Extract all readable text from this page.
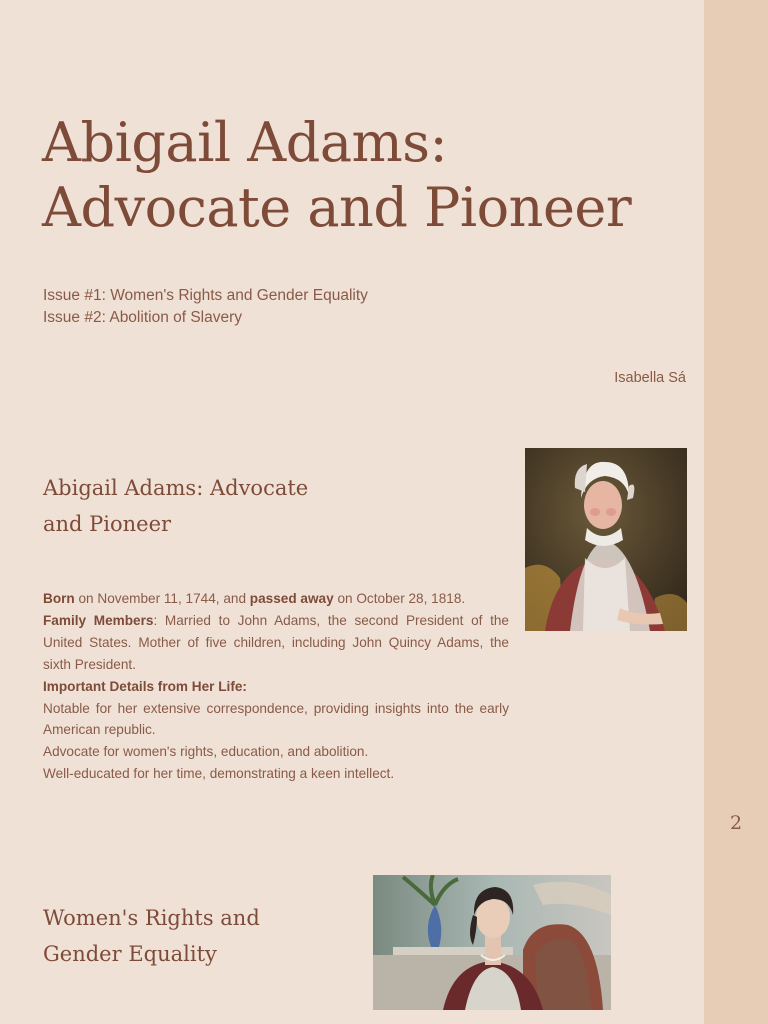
2
Abigail Adams:
Advocate and Pioneer
Issue #1: Women's Rights and Gender Equality
Issue #2: Abolition of Slavery
Isabella Sá
Abigail Adams: Advocate
and Pioneer

Born on November 11, 1744, and passed away on October 28, 1818.

Family Members: Married to John Adams, the second President of the United States. Mother of five children, including John Quincy Adams, the sixth President.

Important Details from Her Life:

Notable for her extensive correspondence, providing insights into the early American republic.

Advocate for women's rights, education, and abolition.

Well-educated for her time, demonstrating a keen intellect.

Women's Rights and
Gender Equality
